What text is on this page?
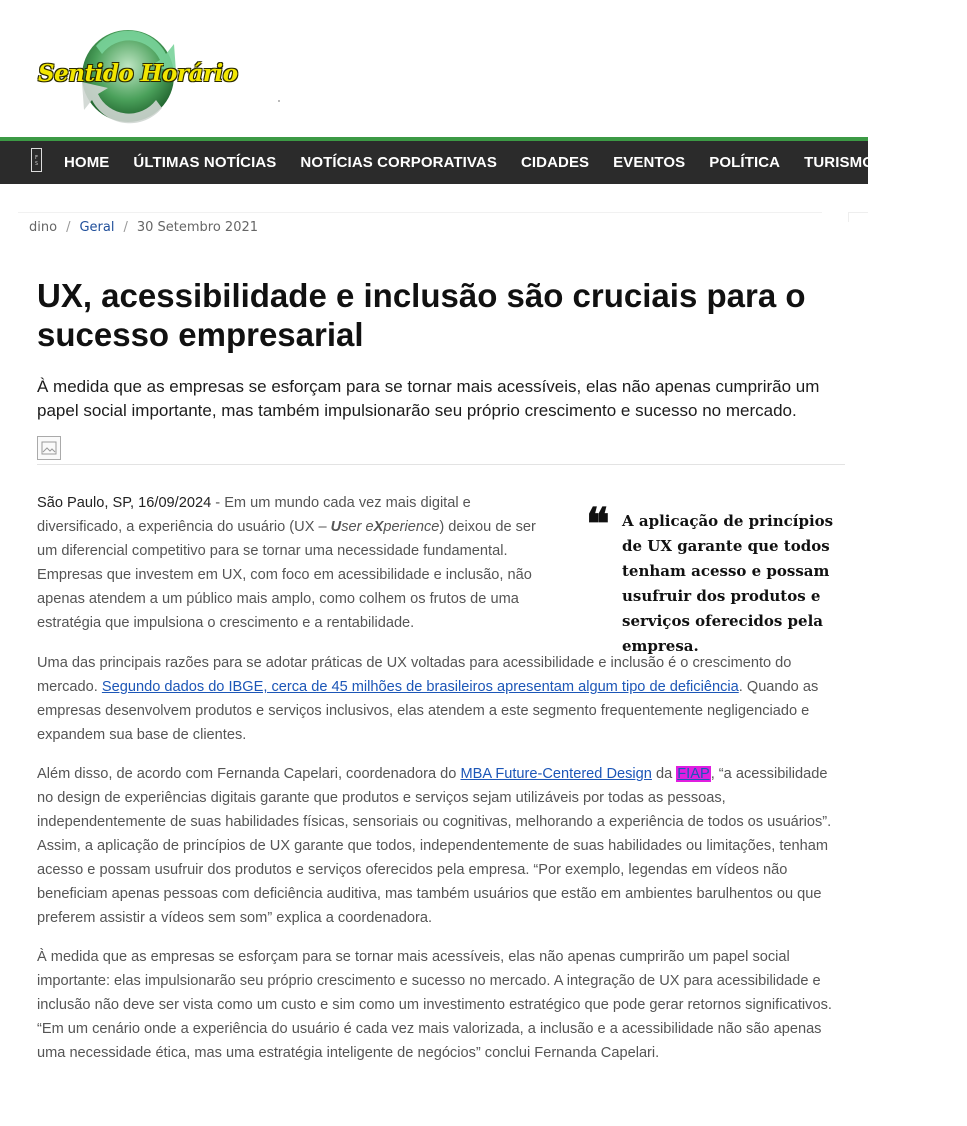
Sentido Horário
F S HOME ÚLTIMAS NOTÍCIAS NOTÍCIAS CORPORATIVAS CIDADES EVENTOS POLÍTICA TURISMO AGRO
dino / Geral / 30 Setembro 2021
UX, acessibilidade e inclusão são cruciais para o sucesso empresarial

À medida que as empresas se esforçam para se tornar mais acessíveis, elas não apenas cumprirão um papel social importante, mas também impulsionarão seu próprio crescimento e sucesso no mercado.

São Paulo, SP, 16/09/2024 - Em um mundo cada vez mais digital e diversificado, a experiência do usuário (UX – User eXperience) deixou de ser um diferencial competitivo para se tornar uma necessidade fundamental. Empresas que investem em UX, com foco em acessibilidade e inclusão, não apenas atendem a um público mais amplo, como colhem os frutos de uma estratégia que impulsiona o crescimento e a rentabilidade.

❝ A aplicação de princípios de UX garante que todos tenham acesso e possam usufruir dos produtos e serviços oferecidos pela empresa.

Uma das principais razões para se adotar práticas de UX voltadas para acessibilidade e inclusão é o crescimento do mercado. Segundo dados do IBGE, cerca de 45 milhões de brasileiros apresentam algum tipo de deficiência. Quando as empresas desenvolvem produtos e serviços inclusivos, elas atendem a este segmento frequentemente negligenciado e expandem sua base de clientes.

Além disso, de acordo com Fernanda Capelari, coordenadora do MBA Future-Centered Design da FIAP, “a acessibilidade no design de experiências digitais garante que produtos e serviços sejam utilizáveis por todas as pessoas, independentemente de suas habilidades físicas, sensoriais ou cognitivas, melhorando a experiência de todos os usuários”. Assim, a aplicação de princípios de UX garante que todos, independentemente de suas habilidades ou limitações, tenham acesso e possam usufruir dos produtos e serviços oferecidos pela empresa. “Por exemplo, legendas em vídeos não beneficiam apenas pessoas com deficiência auditiva, mas também usuários que estão em ambientes barulhentos ou que preferem assistir a vídeos sem som” explica a coordenadora.

À medida que as empresas se esforçam para se tornar mais acessíveis, elas não apenas cumprirão um papel social importante: elas impulsionarão seu próprio crescimento e sucesso no mercado. A integração de UX para acessibilidade e inclusão não deve ser vista como um custo e sim como um investimento estratégico que pode gerar retornos significativos. “Em um cenário onde a experiência do usuário é cada vez mais valorizada, a inclusão e a acessibilidade não são apenas uma necessidade ética, mas uma estratégia inteligente de negócios” conclui Fernanda Capelari.
